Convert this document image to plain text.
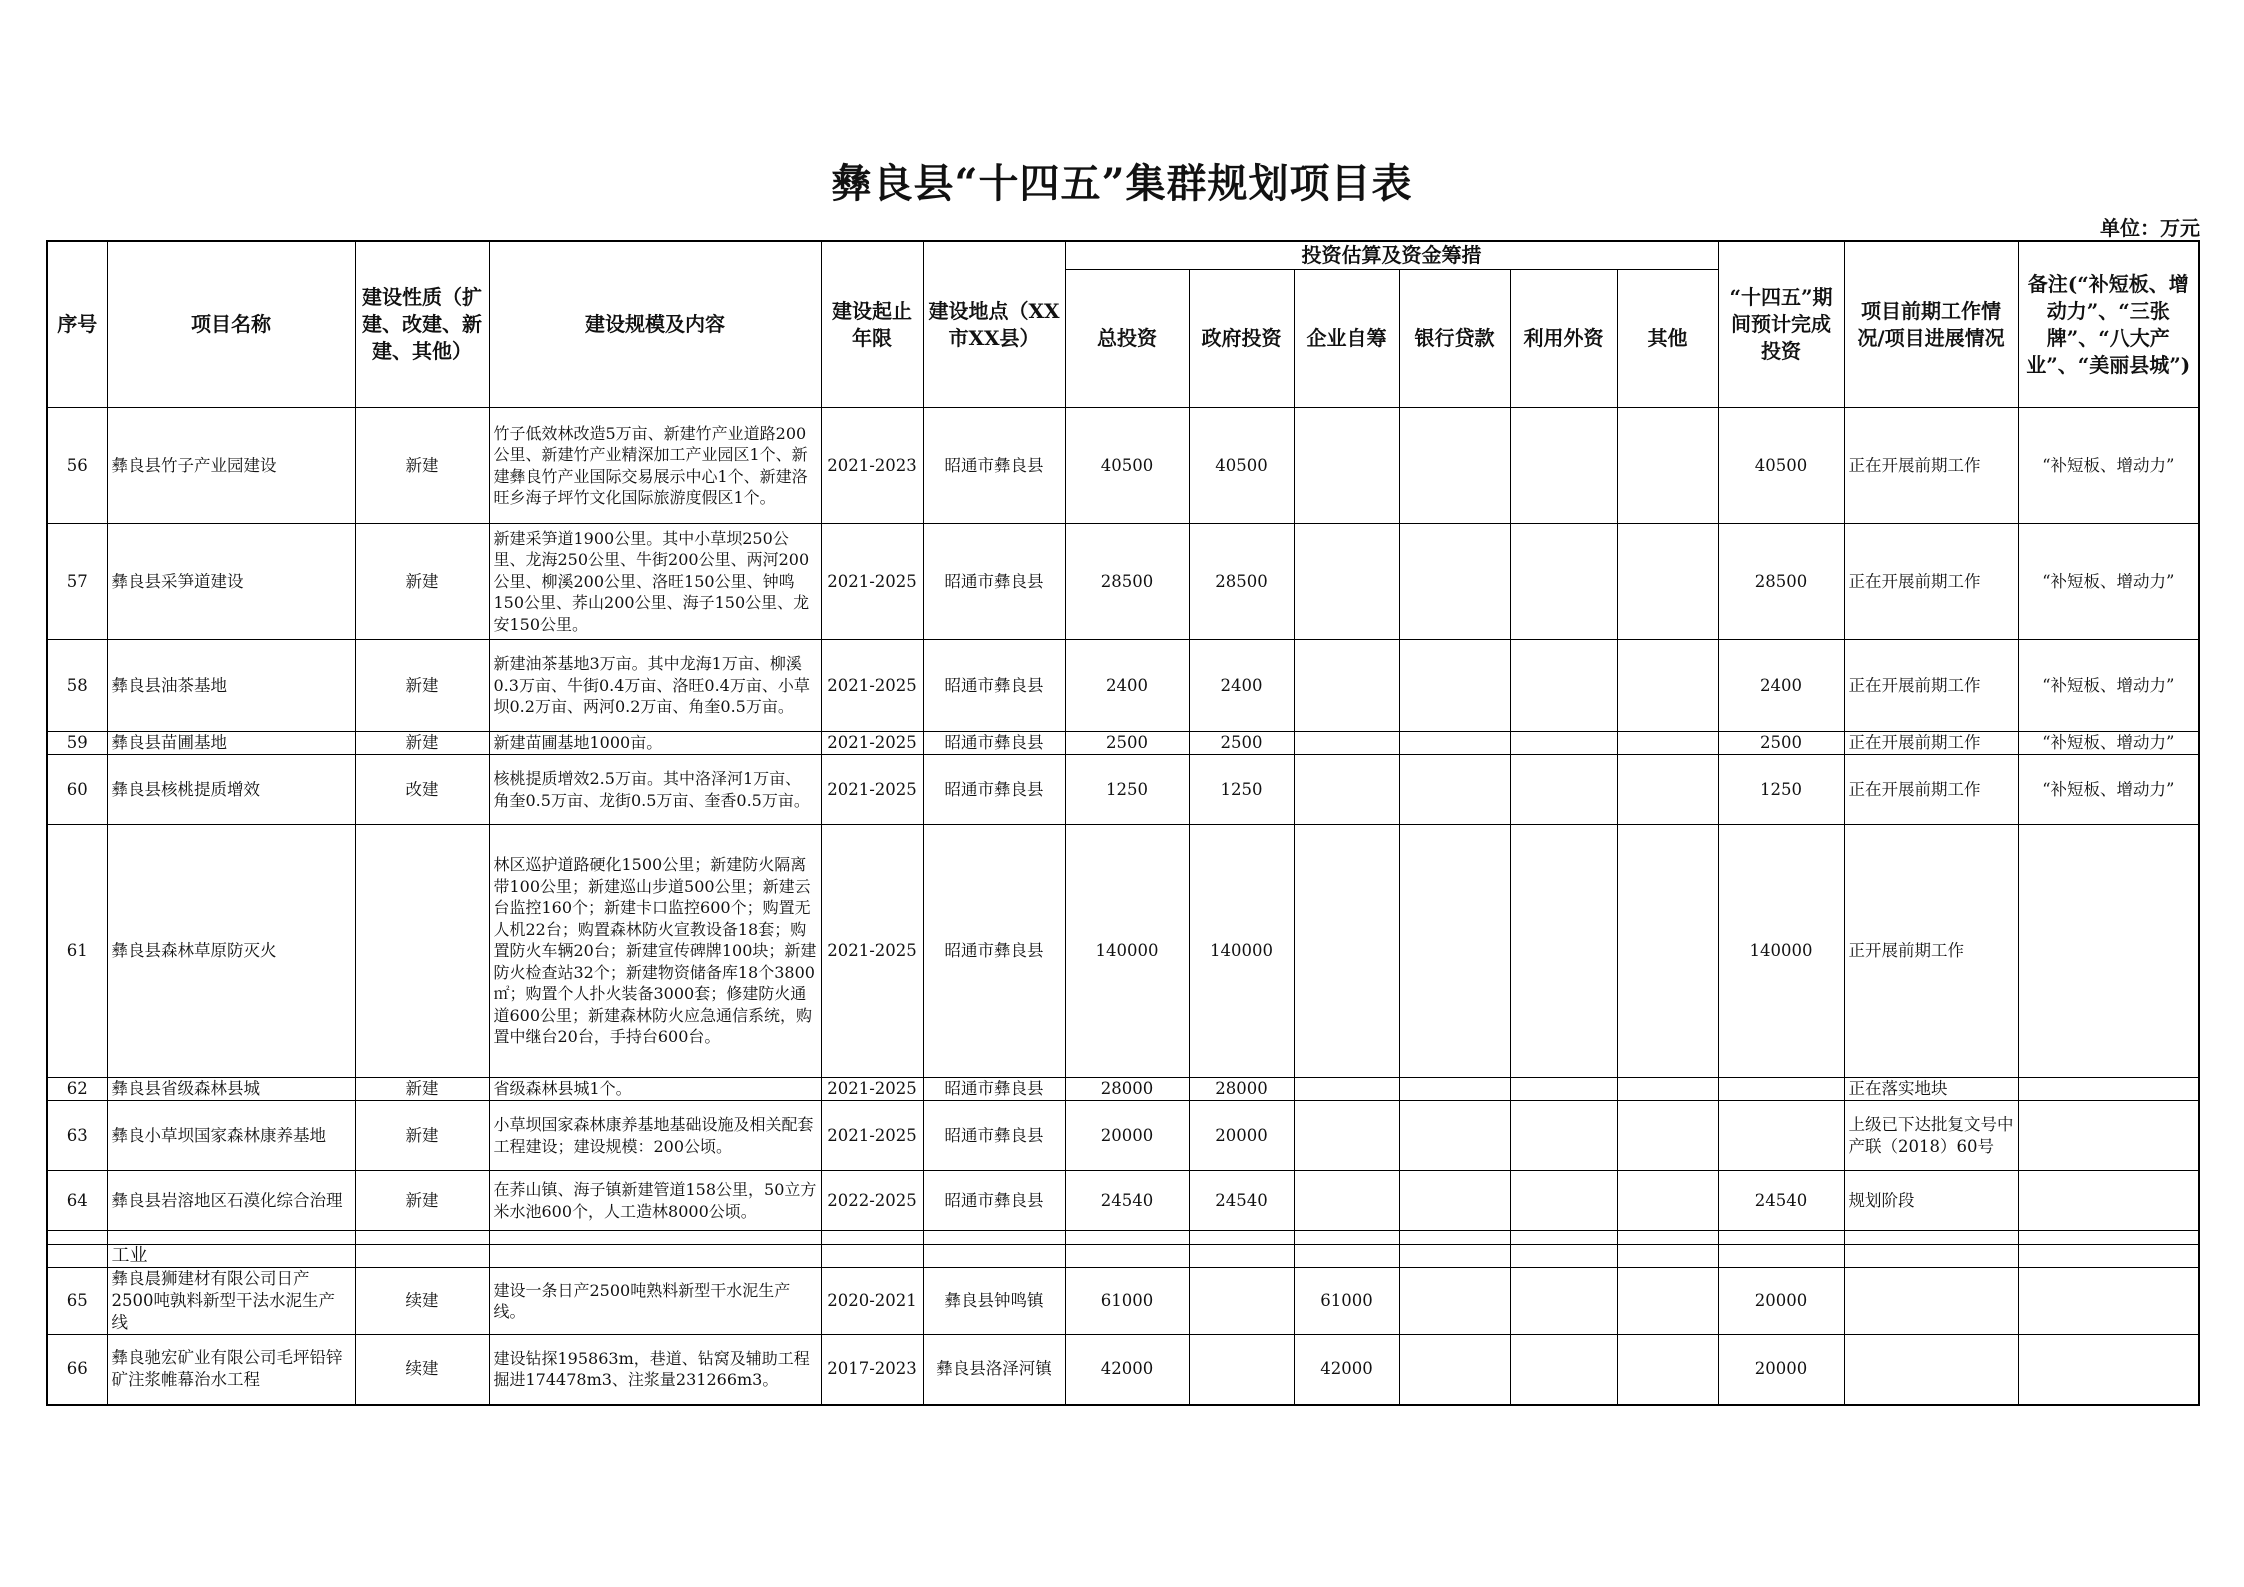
彝良县“十四五”集群规划项目表
单位：万元
序号	项目名称	建设性质（扩建、改建、新建、其他）	建设规模及内容	建设起止年限	建设地点（XX市XX县）	投资估算及资金筹措						“十四五”期间预计完成投资	项目前期工作情况/项目进展情况	备注(“补短板、增动力”、“三张牌”、“八大产业”、“美丽县城”)
						总投资	政府投资	企业自筹	银行贷款	利用外资	其他			
56	彝良县竹子产业园建设	新建	竹子低效林改造5万亩、新建竹产业道路200公里、新建竹产业精深加工产业园区1个、新建彝良竹产业国际交易展示中心1个、新建洛旺乡海子坪竹文化国际旅游度假区1个。	2021-2023	昭通市彝良县	40500	40500					40500	正在开展前期工作	“补短板、增动力”
57	彝良县采笋道建设	新建	新建采笋道1900公里。其中小草坝250公里、龙海250公里、牛街200公里、两河200公里、柳溪200公里、洛旺150公里、钟鸣150公里、荞山200公里、海子150公里、龙安150公里。	2021-2025	昭通市彝良县	28500	28500					28500	正在开展前期工作	“补短板、增动力”
58	彝良县油茶基地	新建	新建油茶基地3万亩。其中龙海1万亩、柳溪0.3万亩、牛街0.4万亩、洛旺0.4万亩、小草坝0.2万亩、两河0.2万亩、角奎0.5万亩。	2021-2025	昭通市彝良县	2400	2400					2400	正在开展前期工作	“补短板、增动力”
59	彝良县苗圃基地	新建	新建苗圃基地1000亩。	2021-2025	昭通市彝良县	2500	2500					2500	正在开展前期工作	“补短板、增动力”
60	彝良县核桃提质增效	改建	核桃提质增效2.5万亩。其中洛泽河1万亩、角奎0.5万亩、龙街0.5万亩、奎香0.5万亩。	2021-2025	昭通市彝良县	1250	1250					1250	正在开展前期工作	“补短板、增动力”
61	彝良县森林草原防灭火		林区巡护道路硬化1500公里；新建防火隔离带100公里；新建巡山步道500公里；新建云台监控160个；新建卡口监控600个；购置无人机22台；购置森林防火宣教设备18套；购置防火车辆20台；新建宣传碑牌100块；新建防火检查站32个；新建物资储备库18个3800㎡；购置个人扑火装备3000套；修建防火通道600公里；新建森林防火应急通信系统，购置中继台20台，手持台600台。	2021-2025	昭通市彝良县	140000	140000					140000	正开展前期工作	
62	彝良县省级森林县城	新建	省级森林县城1个。	2021-2025	昭通市彝良县	28000	28000						正在落实地块	
63	彝良小草坝国家森林康养基地	新建	小草坝国家森林康养基地基础设施及相关配套工程建设；建设规模：200公顷。	2021-2025	昭通市彝良县	20000	20000						上级已下达批复文号中产联（2018）60号	
64	彝良县岩溶地区石漠化综合治理	新建	在荞山镇、海子镇新建管道158公里，50立方米水池600个，人工造林8000公顷。	2022-2025	昭通市彝良县	24540	24540					24540	规划阶段	

	工业													
65	彝良晨狮建材有限公司日产2500吨孰料新型干法水泥生产线	续建	建设一条日产2500吨熟料新型干水泥生产线。	2020-2021	彝良县钟鸣镇	61000		61000				20000		
66	彝良驰宏矿业有限公司毛坪铅锌矿注浆帷幕治水工程	续建	建设钻探195863m，巷道、钻窝及辅助工程掘进174478m3、注浆量231266m3。	2017-2023	彝良县洛泽河镇	42000		42000				20000		
